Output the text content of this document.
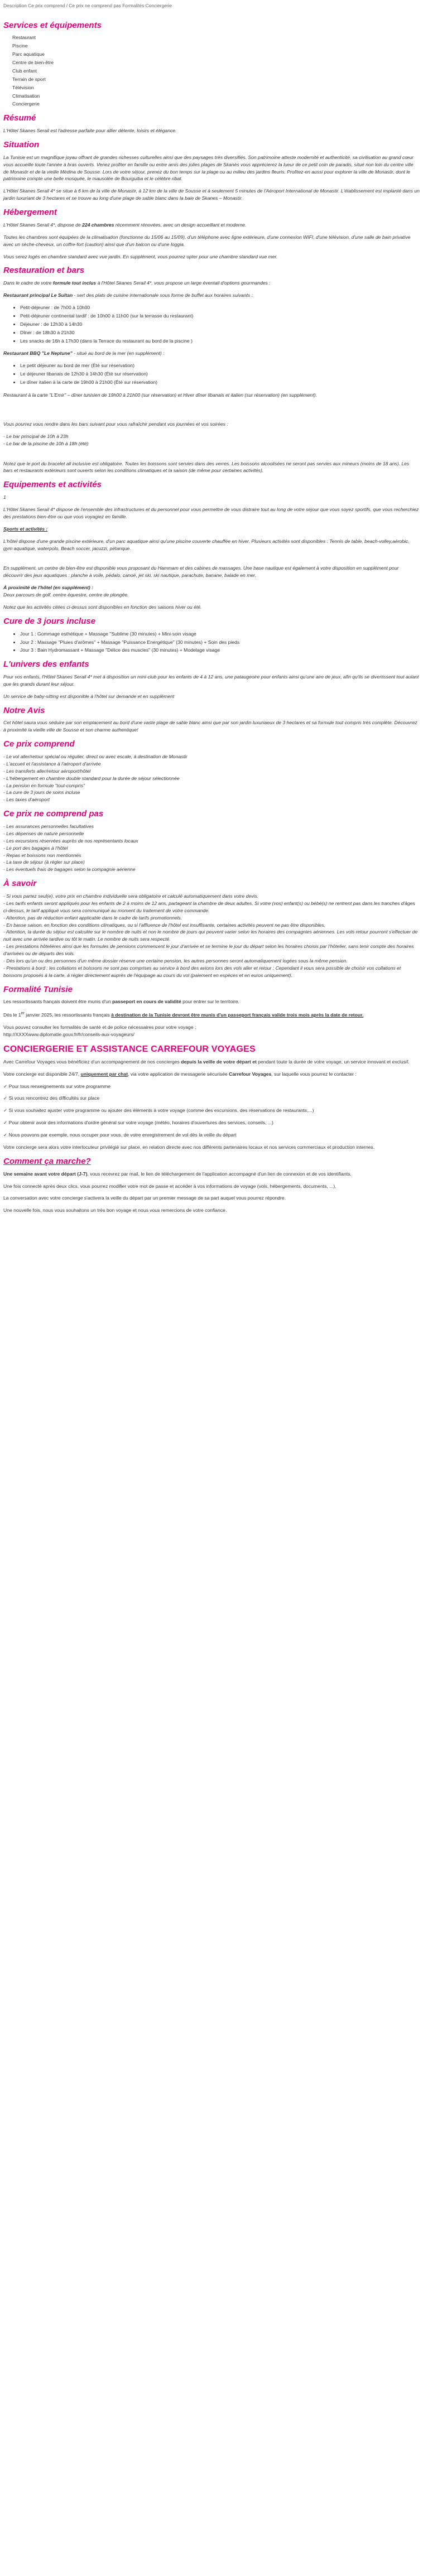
Description Ce prix comprend / Ce prix ne comprend pas Formalités Conciergerie

Services et équipements
Restaurant
Piscine
Parc aquatique
Centre de bien-être
Club enfant
Terrain de sport
Télévision
Climatisation
Conciergerie
Résumé

L'Hôtel Skanes Serail est l'adresse parfaite pour allier détente, loisirs et élégance.

Situation

La Tunisie est un magnifique joyau offrant de grandes richesses culturelles ainsi que des paysages très diversifiés. Son patrimoine atteste modernité et authenticité, sa civilisation au grand cœur vous accueille toute l'année à bras ouverts. Venez profiter en famille ou entre amis des jolies plages de Skanès vous apprécierez la lueur de ce petit coin de paradis, situé non loin du centre ville de Monastir et de la vieille Médina de Sousse. Lors de votre séjour, prenez du bon temps sur la plage ou au milieu des jardins fleuris. Profitez-en aussi pour explorer la ville de Monastir, dont le patrimoine compte une belle mosquée, le mausolée de Bourguiba et le célèbre ribat.

L'Hôtel Skanes Serail 4* se situe à 6 km de la ville de Monastir, à 12 km de la ville de Sousse et à seulement 5 minutes de l'Aéroport International de Monastir. L'établissement est implanté dans un jardin luxuriant de 3 hectares et se trouve au long d'une plage de sable blanc dans la baie de Skanes – Monastir.

Hébergement

L'Hôtel Skanes Serail 4*, dispose de 224 chambres récemment rénovées, avec un design accueillant et moderne.

Toutes les chambres sont équipées de la climatisation (fonctionne du 15/06 au 15/09), d'un téléphone avec ligne extérieure, d'une connexion WIFI, d'une télévision, d'une salle de bain privative avec un sèche-cheveux, un coffre-fort (caution) ainsi que d'un balcon ou d'une loggia.

Vous serez logés en chambre standard avec vue jardin. En supplément, vous pourrez opter pour une chambre standard vue mer.

Restauration et bars

Dans le cadre de votre formule tout inclus à l'Hôtel Skanes Serail 4*, vous propose un large éventail d'options gourmandes :

Restaurant principal Le Sultan - sert des plats de cuisine internationale sous forme de buffet aux horaires suivants :

• Petit-déjeuner : de 7h00 à 10h00
• Petit-déjeuner continental tardif : de 10h00 à 11h00 (sur la terrasse du restaurant)
• Déjeuner : de 12h30 à 14h30
• Dîner : de 18h30 à 21h30
• Les snacks de 16h à 17h30 (dans la Terrace du restaurant au bord de la piscine )

Restaurant BBQ "Le Neptune" - situé au bord de la mer (en supplément) :

• Le petit déjeuner au bord de mer (Été sur réservation)
• Le déjeuner libanais de 12h30 à 14h30 (Été sur réservation)
• Le dîner italien à la carte de 19h00 à 21h00 (Été sur réservation)

Restaurant à la carte "L'Emir" – dîner tunisien de 19h00 à 21h00 (sur réservation) et Hiver dîner libanais et italien (sur réservation) (en supplément).

Vous pourrez vous rendre dans les bars suivant pour vous rafraîchir pendant vos journées et vos soirées :

- Le bar principal de 10h à 23h
- Le bar de la piscine de 10h à 18h (été)

Notez que le port du bracelet all inclusive est obligatoire. Toutes les boissons sont servies dans des verres. Les boissons alcoolisées ne seront pas servies aux mineurs (moins de 18 ans). Les bars et restaurants extérieurs sont ouverts selon les conditions climatiques et la saison (de même pour certaines activités).

Equipements et activités

1

L'Hôtel Skanes Serail 4* dispose de l'ensemble des infrastructures et du personnel pour vous permettre de vous distraire tout au long de votre séjour que vous soyez sportifs, que vous recherchiez des prestations bien-être ou que vous voyagiez en famille.

Sports et activités :

L'hôtel dispose d'une grande piscine extérieure, d'un parc aquatique ainsi qu'une piscine couverte chauffée en hiver. Plusieurs activités sont disponibles : Tennis de table, beach-volley,aérobic, gym aquatique, waterpolo, Beach soccer, jacuzzi, pétanque.

En supplément, un centre de bien-être est disponible vous proposant du Hammam et des cabines de massages. Une base nautique est également à votre disposition en supplément pour découvrir des jeux aquatiques : planche à voile, pédalo, canoë, jet ski, ski nautique, parachute, banane, balade en mer.

À proximité de l'hôtel (en supplément) :
Deux parcours de golf, centre équestre, centre de plongée.

Notez que les activités citées ci-dessus sont disponibles en fonction des saisons hiver ou été.

Cure de 3 jours incluse
• Jour 1 : Gommage esthétique + Massage "Sublime (30 minutes) + Mini-soin visage
• Jour 2 : Massage "Pluies d'arômes" + Massage "Puissance Energétique" (30 minutes) + Soin des pieds
• Jour 3 : Bain Hydromassant + Massage "Délice des muscles" (30 minutes) + Modelage visage
L'univers des enfants

Pour vos enfants, l'Hôtel Skanes Serail 4* met à disposition un mini-club pour les enfants de 4 à 12 ans, une pataugeoire pour enfants ainsi qu'une aire de jeux, afin qu'ils se divertissent tout aulant que les grands durant leur séjour.

Un service de baby-sitting est disponible à l'hôtel sur demande et en supplément

Notre Avis

Cet hôtel saura vous séduire par son emplacement au bord d'une vaste plage de sable blanc ainsi que par son jardin luxuriaeux de 3 hectares et sa formule tout compris très complète. Découvrez à proximité la vieille ville de Sousse et son charme authentique!

Ce prix comprend

- Le vol aller/retour spécial ou régulier, direct ou avec escale, à destination de Monastir
- L'accueil et l'assistance à l'aéroport d'arrivée
- Les transferts aller/retour aéroport/hôtel
- L'hébergement en chambre double standard pour la durée de séjour sélectionnée
- La pension en formule "tout-compris"
- La cure de 3 jours de soins incluse
- Les taxes d'aéroport

Ce prix ne comprend pas

- Les assurances personnelles facultatives
- Les dépenses de nature personnelle
- Les excursions réservées auprès de nos représentants locaux
- Le port des bagages à l'hôtel
- Repas et boissons non mentionnés
- La taxe de séjour (à régler sur place)
- Les éventuels frais de bagages selon la compagnie aérienne

À savoir

- Si vous partez seul(e), votre prix en chambre individuelle sera obligatoire et calculé automatiquement dans votre devis.
- Les tarifs enfants seront appliqués pour les enfants de 2 à moins de 12 ans, partageant la chambre de deux adultes. Si votre (vos) enfant(s) ou bébé(s) ne rentrent pas dans les tranches d'âges ci-dessus, le tarif appliqué vous sera communiqué au moment du traitement de votre commande.
- Attention, pas de réduction enfant applicable dans le cadre de tarifs promotionnels.
- En basse saison, en fonction des conditions climatiques, ou si l'affluence de l'hôtel est insuffisante, certaines activités peuvent ne pas être disponibles.
- Attention, la durée du séjour est calculée sur le nombre de nuits et non le nombre de jours qui peuvent varier selon les horaires des compagnies aériennes. Les vols retour pourront s'effectuer de nuit avec une arrivée tardive ou tôt le matin. Le nombre de nuits sera respecté.
- Les prestations hôtelières ainsi que les formules de pensions commencent le jour d'arrivée et se termine le jour du départ selon les horaires choisis par l'hôtelier, sans tenir compte des horaires d'arrivées ou de départs des vols.
- Dès lors qu'un ou des personnes d'un même dossier réserve une certaine pension, les autres personnes seront automatiquement logées sous la même pension.
- Prestations à bord : les collations et boissons ne sont pas comprises au service à bord des avions lors des vols aller et retour ; Cependant il vous sera possible de choisir vos collations et boissons proposés à la carte, à régler directement auprès de l'équipage au cours du vol (paiement en espèces et en euros uniquement).

Formalité Tunisie

Les ressortissants français doivent être munis d'un passeport en cours de validité pour entrer sur le territoire.

Dès le 1er janvier 2025, les ressortissants français à destination de la Tunisie devront être munis d'un passeport français valide trois mois après la date de retour.

Vous pouvez consulter les formalités de santé et de police nécessaires pour votre voyage :
http://XXXXwww.diplomatie.gouv.fr/fr/conseils-aux-voyageurs/

CONCIERGERIE ET ASSISTANCE CARREFOUR VOYAGES

Avec Carrefour Voyages vous bénéficiez d'un accompagnement de nos concierges depuis la veille de votre départ et pendant toute la durée de votre voyage, un service innovant et exclusif.

Votre concierge est disponible 24/7, uniquement par chat, via votre application de messagerie sécurisée Carrefour Voyages, sur laquelle vous pourrez le contacter :

✓ Pour tous renseignements sur votre programme

✓ Si vous rencontrez des difficultés sur place

✓ Si vous souhaitez ajuster votre programme ou ajouter des éléments à votre voyage (comme des excursions, des réservations de restaurants,...)

✓ Pour obtenir avoir des informations d'ordre général sur votre voyage (météo, horaires d'ouvertures des services, conseils, ...)

✓ Nous pouvons par exemple, nous occuper pour vous, de votre enregistrement de vol dès la veille du départ

Votre concierge sera alors votre interlocuteur privilégié sur place, en relation directe avec nos différents partenaires locaux et nos services commerciaux et production internes.

Comment ça marche?

Une semaine avant votre départ (J-7), vous recevrez par mail, le lien de téléchargement de l'application accompagné d'un lien de connexion et de vos identifiants.

Une fois connecté après deux clics, vous pourrez modifier votre mot de passe et accéder à vos informations de voyage (vols, hébergements, documents, ...).

La conversation avec votre concierge s'activera la veille du départ par un premier message de sa part auquel vous pourrez répondre.

Une nouvelle fois, nous vous souhaitons un très bon voyage et nous vous remercions de votre confiance.
